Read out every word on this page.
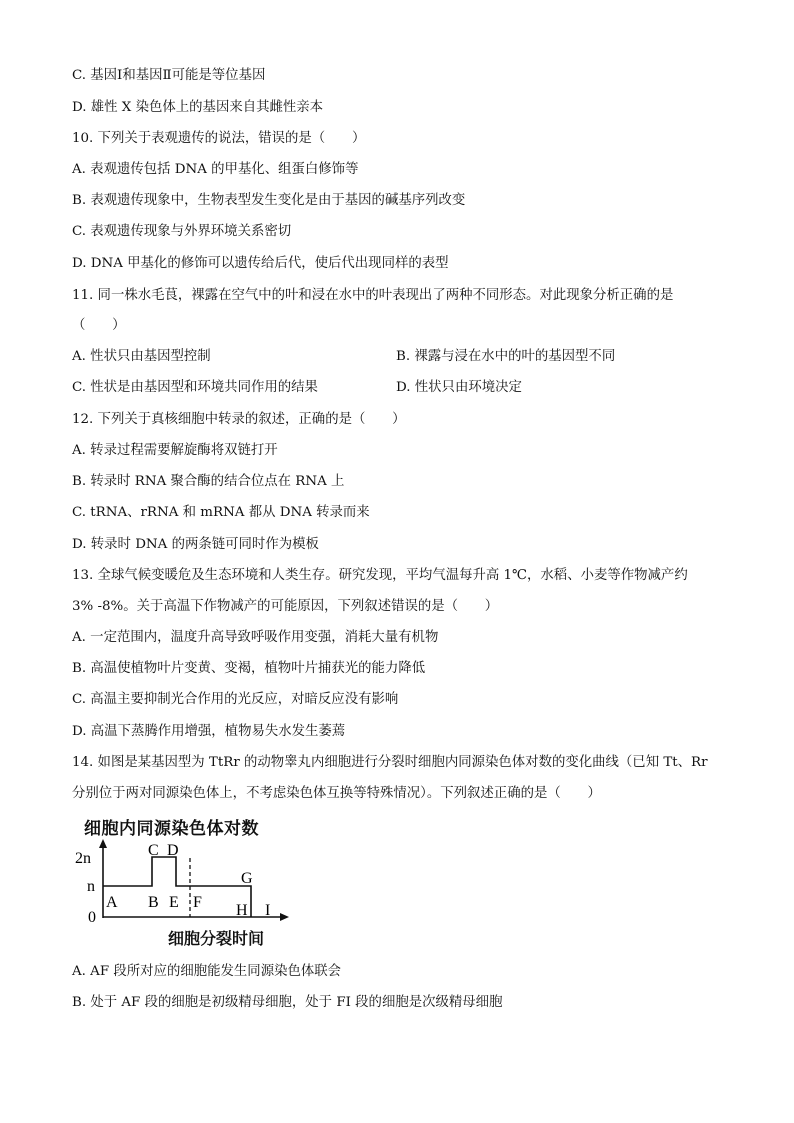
C. 基因Ⅰ和基因Ⅱ可能是等位基因
D. 雄性 X 染色体上的基因来自其雌性亲本
10. 下列关于表观遗传的说法，错误的是（　　）
A. 表观遗传包括 DNA 的甲基化、组蛋白修饰等
B. 表观遗传现象中，生物表型发生变化是由于基因的碱基序列改变
C. 表观遗传现象与外界环境关系密切
D. DNA 甲基化的修饰可以遗传给后代，使后代出现同样的表型
11. 同一株水毛茛，裸露在空气中的叶和浸在水中的叶表现出了两种不同形态。对此现象分析正确的是
（　　）
A. 性状只由基因型控制	B. 裸露与浸在水中的叶的基因型不同
C. 性状是由基因型和环境共同作用的结果	D. 性状只由环境决定
12. 下列关于真核细胞中转录的叙述，正确的是（　　）
A. 转录过程需要解旋酶将双链打开
B. 转录时 RNA 聚合酶的结合位点在 RNA 上
C. tRNA、rRNA 和 mRNA 都从 DNA 转录而来
D. 转录时 DNA 的两条链可同时作为模板
13. 全球气候变暖危及生态环境和人类生存。研究发现，平均气温每升高 1℃，水稻、小麦等作物减产约
3% -8%。关于高温下作物减产的可能原因，下列叙述错误的是（　　）
A. 一定范围内，温度升高导致呼吸作用变强，消耗大量有机物
B. 高温使植物叶片变黄、变褐，植物叶片捕获光的能力降低
C. 高温主要抑制光合作用的光反应，对暗反应没有影响
D. 高温下蒸腾作用增强，植物易失水发生萎蔫
14. 如图是某基因型为 TtRr 的动物睾丸内细胞进行分裂时细胞内同源染色体对数的变化曲线（已知 Tt、Rr
分别位于两对同源染色体上，不考虑染色体互换等特殊情况）。下列叙述正确的是（　　）
细胞内同源染色体对数
2n
n
0
A B
C D
E F
G
H I
细胞分裂时间
A. AF 段所对应的细胞能发生同源染色体联会
B. 处于 AF 段的细胞是初级精母细胞，处于 FI 段的细胞是次级精母细胞
